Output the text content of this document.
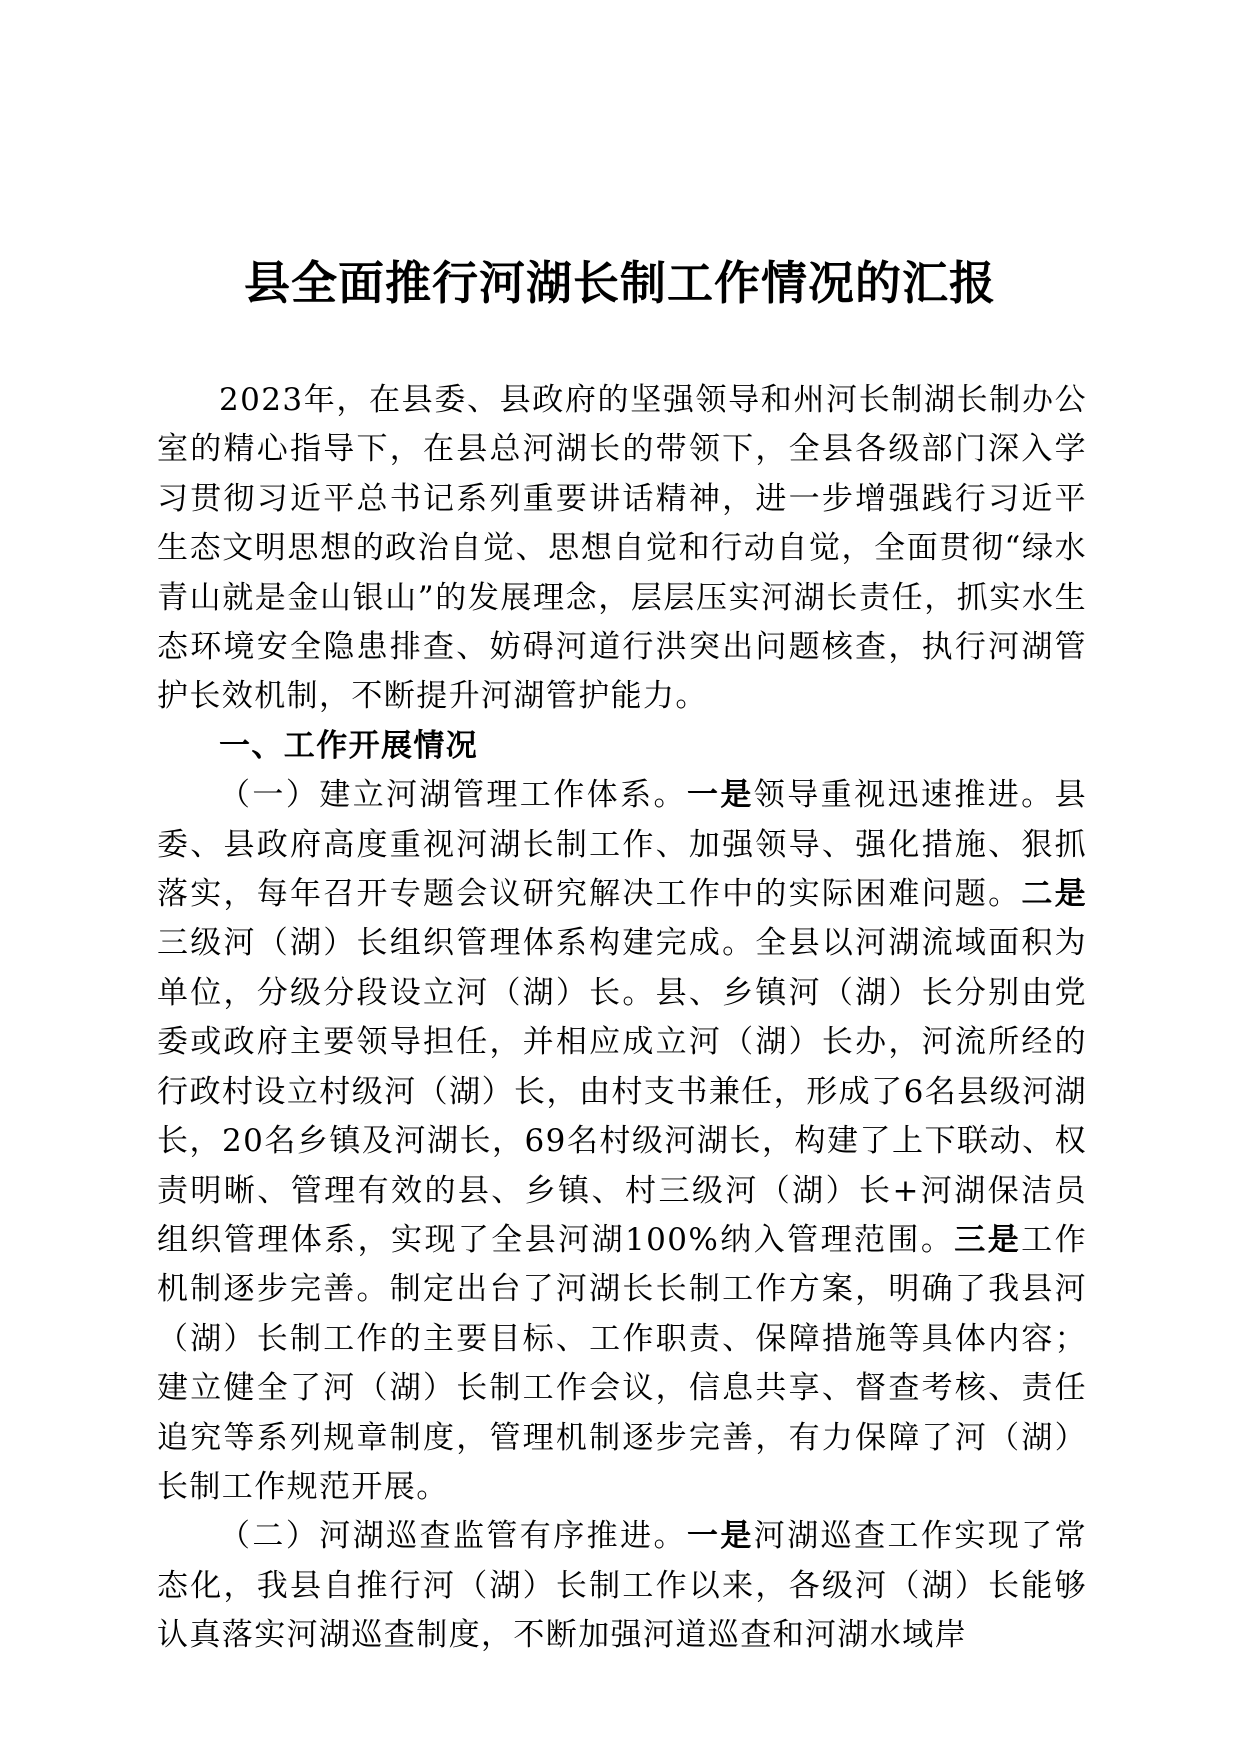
县全面推行河湖长制工作情况的汇报

2023年，在县委、县政府的坚强领导和州河长制湖长制办公室的精心指导下，在县总河湖长的带领下，全县各级部门深入学习贯彻习近平总书记系列重要讲话精神，进一步增强践行习近平生态文明思想的政治自觉、思想自觉和行动自觉，全面贯彻“绿水青山就是金山银山”的发展理念，层层压实河湖长责任，抓实水生态环境安全隐患排查、妨碍河道行洪突出问题核查，执行河湖管护长效机制，不断提升河湖管护能力。

一、工作开展情况

（一）建立河湖管理工作体系。一是领导重视迅速推进。县委、县政府高度重视河湖长制工作、加强领导、强化措施、狠抓落实，每年召开专题会议研究解决工作中的实际困难问题。二是三级河（湖）长组织管理体系构建完成。全县以河湖流域面积为单位，分级分段设立河（湖）长。县、乡镇河（湖）长分别由党委或政府主要领导担任，并相应成立河（湖）长办，河流所经的行政村设立村级河（湖）长，由村支书兼任，形成了6名县级河湖长，20名乡镇及河湖长，69名村级河湖长，构建了上下联动、权责明晰、管理有效的县、乡镇、村三级河（湖）长+河湖保洁员组织管理体系，实现了全县河湖100%纳入管理范围。三是工作机制逐步完善。制定出台了河湖长长制工作方案，明确了我县河（湖）长制工作的主要目标、工作职责、保障措施等具体内容；建立健全了河（湖）长制工作会议，信息共享、督查考核、责任追究等系列规章制度，管理机制逐步完善，有力保障了河（湖）长制工作规范开展。

（二）河湖巡查监管有序推进。一是河湖巡查工作实现了常态化，我县自推行河（湖）长制工作以来，各级河（湖）长能够认真落实河湖巡查制度，不断加强河道巡查和河湖水域岸
